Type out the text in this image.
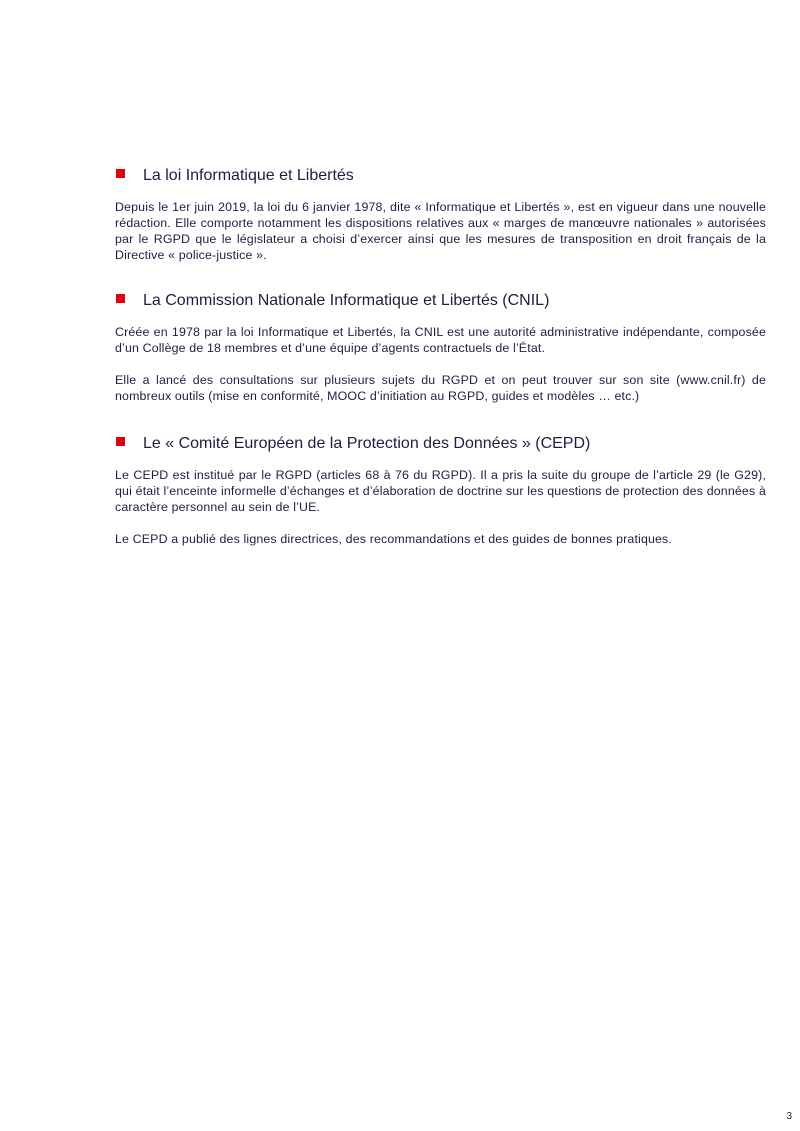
La loi Informatique et Libertés

Depuis le 1er juin 2019, la loi du 6 janvier 1978, dite « Informatique et Libertés », est en vigueur dans une nouvelle rédaction. Elle comporte notamment les dispositions relatives aux « marges de manœuvre nationales » autorisées par le RGPD que le législateur a choisi d’exercer ainsi que les mesures de transposition en droit français de la Directive « police-justice ».

La Commission Nationale Informatique et Libertés (CNIL)

Créée en 1978 par la loi Informatique et Libertés, la CNIL est une autorité administrative indépendante, composée d’un Collège de 18 membres et d’une équipe d’agents contractuels de l’État.

Elle a lancé des consultations sur plusieurs sujets du RGPD et on peut trouver sur son site (www.cnil.fr) de nombreux outils (mise en conformité, MOOC d’initiation au RGPD, guides et modèles … etc.)

Le « Comité Européen de la Protection des Données » (CEPD)

Le CEPD est institué par le RGPD (articles 68 à 76 du RGPD). Il a pris la suite du groupe de l’article 29 (le G29), qui était l’enceinte informelle d’échanges et d’élaboration de doctrine sur les questions de protection des données à caractère personnel au sein de l’UE.

Le CEPD a publié des lignes directrices, des recommandations et des guides de bonnes pratiques.

3
